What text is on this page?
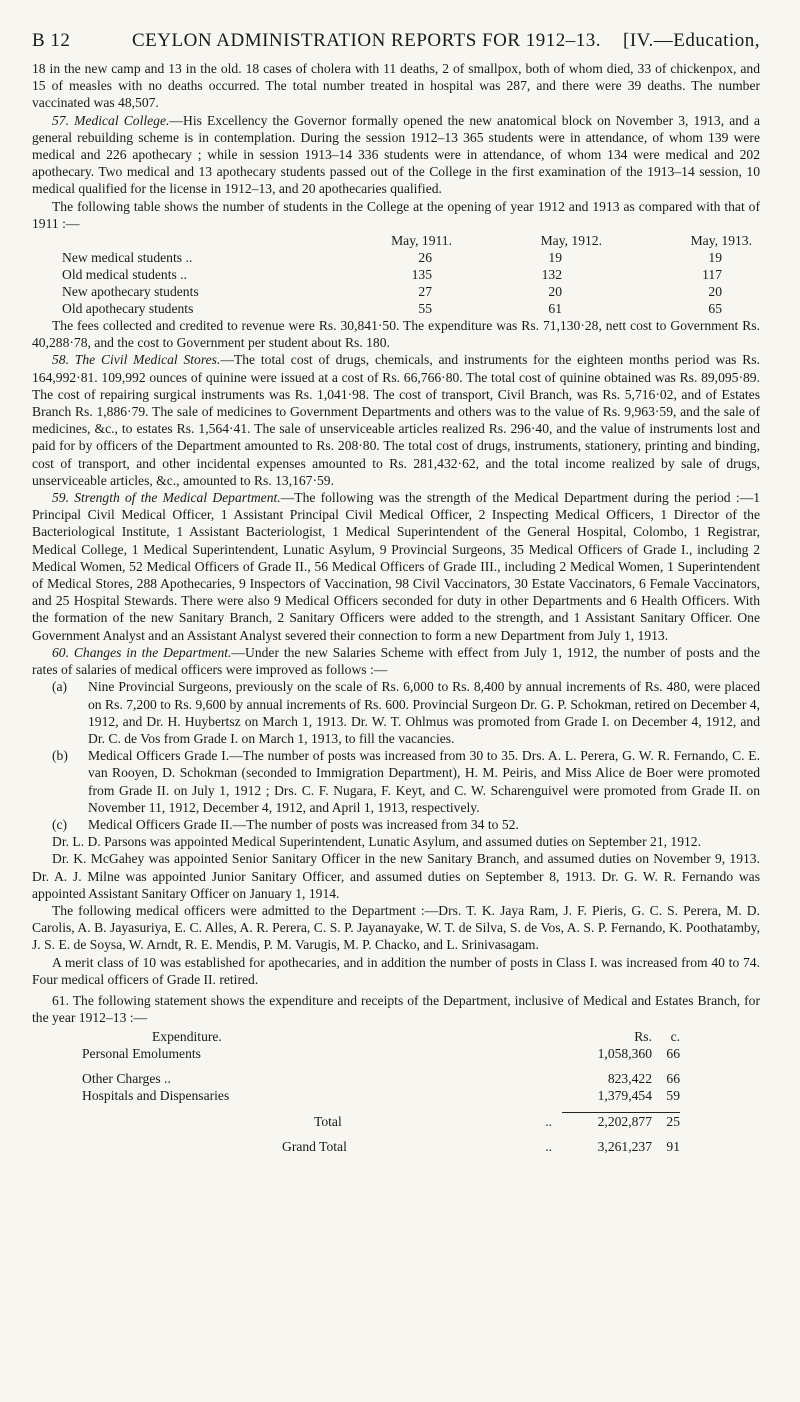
B 12	CEYLON ADMINISTRATION REPORTS FOR 1912–13. [IV.—Education,

18 in the new camp and 13 in the old. 18 cases of cholera with 11 deaths, 2 of smallpox, both of whom died, 33 of chickenpox, and 15 of measles with no deaths occurred. The total number treated in hospital was 287, and there were 39 deaths. The number vaccinated was 48,507.

57. Medical College.—His Excellency the Governor formally opened the new anatomical block on November 3, 1913, and a general rebuilding scheme is in contemplation. During the session 1912–13 365 students were in attendance, of whom 139 were medical and 226 apothecary ; while in session 1913–14 336 students were in attendance, of whom 134 were medical and 202 apothecary. Two medical and 13 apothecary students passed out of the College in the first examination of the 1913–14 session, 10 medical qualified for the license in 1912–13, and 20 apothecaries qualified.

The following table shows the number of students in the College at the opening of year 1912 and 1913 as compared with that of 1911 :—

	May, 1911.	May, 1912.	May, 1913.
New medical students ..	26	19	19
Old medical students ..	135	132	117
New apothecary students	27	20	20
Old apothecary students	55	61	65

The fees collected and credited to revenue were Rs. 30,841·50. The expenditure was Rs. 71,130·28, nett cost to Government Rs. 40,288·78, and the cost to Government per student about Rs. 180.

58. The Civil Medical Stores.—The total cost of drugs, chemicals, and instruments for the eighteen months period was Rs. 164,992·81. 109,992 ounces of quinine were issued at a cost of Rs. 66,766·80. The total cost of quinine obtained was Rs. 89,095·89. The cost of repairing surgical instruments was Rs. 1,041·98. The cost of transport, Civil Branch, was Rs. 5,716·02, and of Estates Branch Rs. 1,886·79. The sale of medicines to Government Departments and others was to the value of Rs. 9,963·59, and the sale of medicines, &c., to estates Rs. 1,564·41. The sale of unserviceable articles realized Rs. 296·40, and the value of instruments lost and paid for by officers of the Department amounted to Rs. 208·80. The total cost of drugs, instruments, stationery, printing and binding, cost of transport, and other incidental expenses amounted to Rs. 281,432·62, and the total income realized by sale of drugs, unserviceable articles, &c., amounted to Rs. 13,167·59.

59. Strength of the Medical Department.—The following was the strength of the Medical Department during the period :—1 Principal Civil Medical Officer, 1 Assistant Principal Civil Medical Officer, 2 Inspecting Medical Officers, 1 Director of the Bacteriological Institute, 1 Assistant Bacteriologist, 1 Medical Superintendent of the General Hospital, Colombo, 1 Registrar, Medical College, 1 Medical Superintendent, Lunatic Asylum, 9 Provincial Surgeons, 35 Medical Officers of Grade I., including 2 Medical Women, 52 Medical Officers of Grade II., 56 Medical Officers of Grade III., including 2 Medical Women, 1 Superintendent of Medical Stores, 288 Apothecaries, 9 Inspectors of Vaccination, 98 Civil Vaccinators, 30 Estate Vaccinators, 6 Female Vaccinators, and 25 Hospital Stewards. There were also 9 Medical Officers seconded for duty in other Departments and 6 Health Officers. With the formation of the new Sanitary Branch, 2 Sanitary Officers were added to the strength, and 1 Assistant Sanitary Officer. One Government Analyst and an Assistant Analyst severed their connection to form a new Department from July 1, 1913.

60. Changes in the Department.—Under the new Salaries Scheme with effect from July 1, 1912, the number of posts and the rates of salaries of medical officers were improved as follows :—

(a) Nine Provincial Surgeons, previously on the scale of Rs. 6,000 to Rs. 8,400 by annual increments of Rs. 480, were placed on Rs. 7,200 to Rs. 9,600 by annual increments of Rs. 600. Provincial Surgeon Dr. G. P. Schokman, retired on December 4, 1912, and Dr. H. Huybertsz on March 1, 1913. Dr. W. T. Ohlmus was promoted from Grade I. on December 4, 1912, and Dr. C. de Vos from Grade I. on March 1, 1913, to fill the vacancies.

(b) Medical Officers Grade I.—The number of posts was increased from 30 to 35. Drs. A. L. Perera, G. W. R. Fernando, C. E. van Rooyen, D. Schokman (seconded to Immigration Department), H. M. Peiris, and Miss Alice de Boer were promoted from Grade II. on July 1, 1912 ; Drs. C. F. Nugara, F. Keyt, and C. W. Scharenguivel were promoted from Grade II. on November 11, 1912, December 4, 1912, and April 1, 1913, respectively.

(c) Medical Officers Grade II.—The number of posts was increased from 34 to 52.

Dr. L. D. Parsons was appointed Medical Superintendent, Lunatic Asylum, and assumed duties on September 21, 1912.

Dr. K. McGahey was appointed Senior Sanitary Officer in the new Sanitary Branch, and assumed duties on November 9, 1913. Dr. A. J. Milne was appointed Junior Sanitary Officer, and assumed duties on September 8, 1913. Dr. G. W. R. Fernando was appointed Assistant Sanitary Officer on January 1, 1914.

The following medical officers were admitted to the Department :—Drs. T. K. Jaya Ram, J. F. Pieris, G. C. S. Perera, M. D. Carolis, A. B. Jayasuriya, E. C. Alles, A. R. Perera, C. S. P. Jayanayake, W. T. de Silva, S. de Vos, A. S. P. Fernando, K. Poothatamby, J. S. E. de Soysa, W. Arndt, R. E. Mendis, P. M. Varugis, M. P. Chacko, and L. Srinivasagam.

A merit class of 10 was established for apothecaries, and in addition the number of posts in Class I. was increased from 40 to 74. Four medical officers of Grade II. retired.

61. The following statement shows the expenditure and receipts of the Department, inclusive of Medical and Estates Branch, for the year 1912–13 :—

Expenditure.		Rs.	c.
Personal Emoluments		1,058,360	66

Other Charges ..		823,422	66
Hospitals and Dispensaries		1,379,454	59

Total	..	2,202,877	25

Grand Total	..	3,261,237	91
